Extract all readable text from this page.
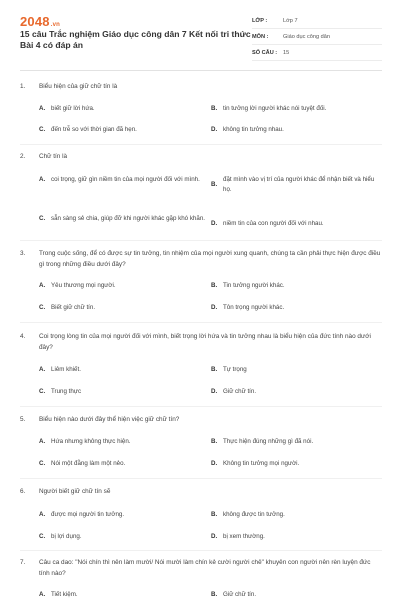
2048.vn
15 câu Trắc nghiệm Giáo dục công dân 7 Kết nối tri thức Bài 4 có đáp án
LỚP :	Lớp 7
MÔN :	Giáo dục công dân
SỐ CÂU :	15
1. Biểu hiện của giữ chữ tín là
A. biết giữ lời hứa.	B. tin tưởng lời người khác nói tuyệt đối.
C. đến trễ so với thời gian đã hẹn.	D. không tin tưởng nhau.
2. Chữ tín là
A. coi trọng, giữ gìn niềm tin của mọi người đối với mình.
B.
đặt mình vào vị trí của người khác để nhận biết và hiểu họ.
C. sẵn sàng sẻ chia, giúp đỡ khi người khác gặp khó khăn.
D. niềm tin của con người đối với nhau.
3. Trong cuộc sống, để có được sự tin tưởng, tin nhiệm của mọi người xung quanh, chúng ta cần phải thực hiện được điều gì trong những điều dưới đây?
A. Yêu thương mọi người.	B. Tin tưởng người khác.
C. Biết giữ chữ tín.	D. Tôn trọng người khác.
4. Coi trọng lòng tin của mọi người đối với mình, biết trọng lời hứa và tin tưởng nhau là biểu hiện của đức tính nào dưới đây?
A. Liêm khiết.	B. Tự trọng
C. Trung thực	D. Giữ chữ tín.
5. Biểu hiện nào dưới đây thể hiện việc giữ chữ tín?
A. Hứa nhưng không thực hiện.	B. Thực hiện đúng những gì đã nói.
C. Nói một đằng làm một nẻo.	D. Không tin tưởng mọi người.
6. Người biết giữ chữ tín sẽ
A. được mọi người tin tưởng.	B. không được tin tưởng.
C. bị lợi dụng.	D. bị xem thường.
7. Câu ca dao: "Nói chín thì nên làm mười/ Nói mười làm chín kẻ cười người chê" khuyên con người nên rèn luyện đức tính nào?
A. Tiết kiệm.	B. Giữ chữ tín.
